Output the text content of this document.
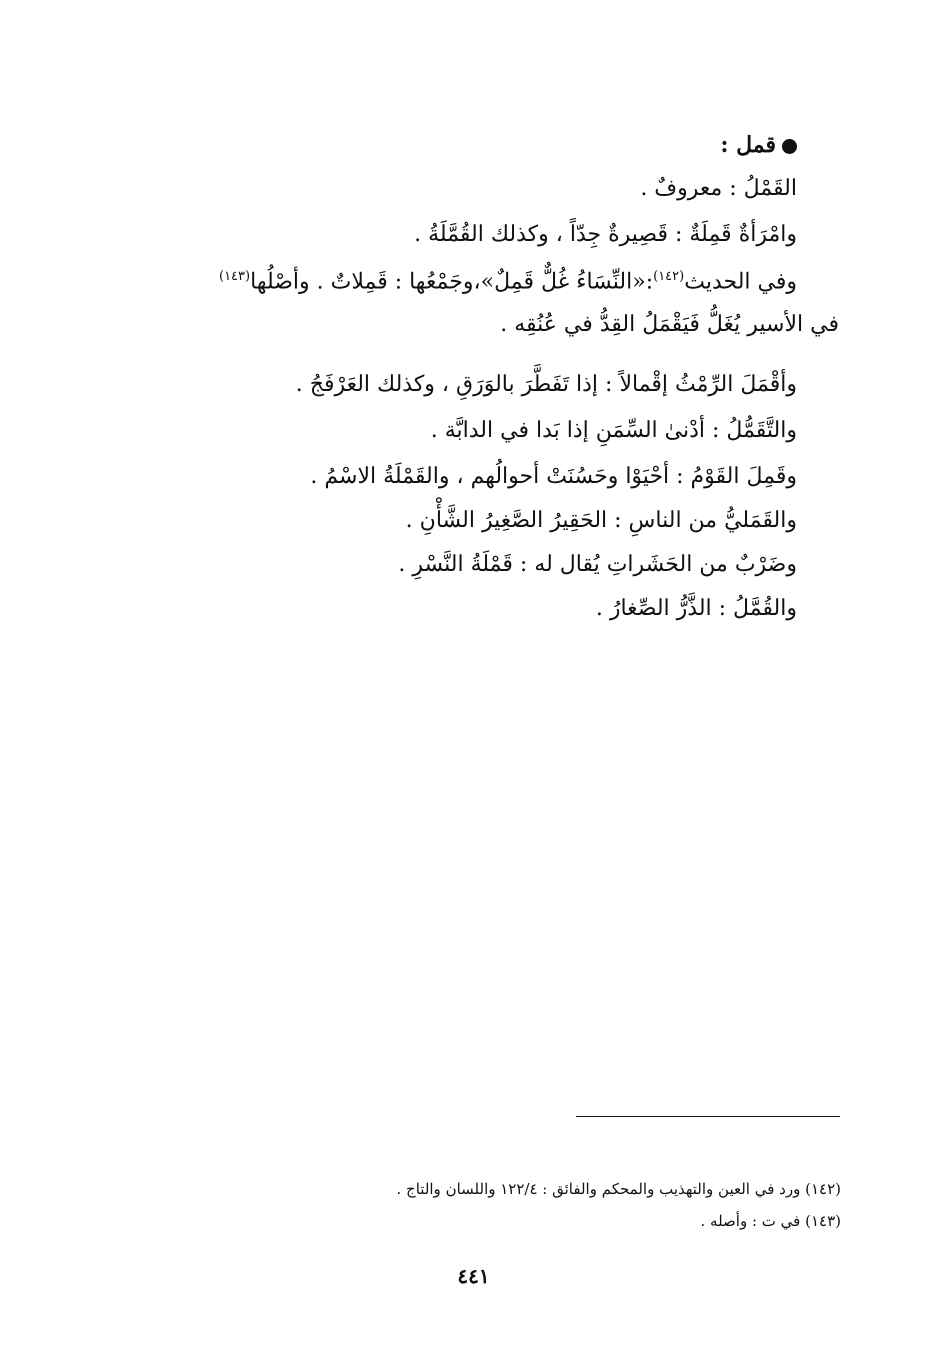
قمل :
القَمْلُ : معروفٌ .
وامْرَأةٌ قَمِلَةٌ : قَصِيرةٌ جِدّاً ، وكذلك القُمَّلَةُ .
وفي الحديث$^{(١٤٢)}$:«النِّسَاءُ غُلٌّ قَمِلٌ»،وجَمْعُها : قَمِلاتٌ . وأصْلُها$^{(١٤٣)}$
في الأسير يُغَلُّ فَيَقْمَلُ القِدُّ في عُنُقِه .
وأقْمَلَ الرِّمْثُ إقْمالاً : إذا تَفَطَّرَ بالوَرَقِ ، وكذلك العَرْفَجُ .
والتَّقَمُّلُ : أدْنىٰ السِّمَنِ إذا بَدا في الدابَّة .
وقَمِلَ القَوْمُ : أحْيَوْا وحَسُنَتْ أحوالُهم ، والقَمْلَةُ الاسْمُ .
والقَمَليُّ من الناسِ : الحَقِيرُ الصَّغِيرُ الشَّأْنِ .
وضَرْبٌ من الحَشَراتِ يُقال له : قَمْلَةُ النَّسْرِ .
والقُمَّلُ : الذَّرُّ الصِّغارُ .
(١٤٢) ورد في العين والتهذيب والمحكم والفائق : ١٢٢/٤ واللسان والتاج .
(١٤٣) في ت : وأصله .
٤٤١
